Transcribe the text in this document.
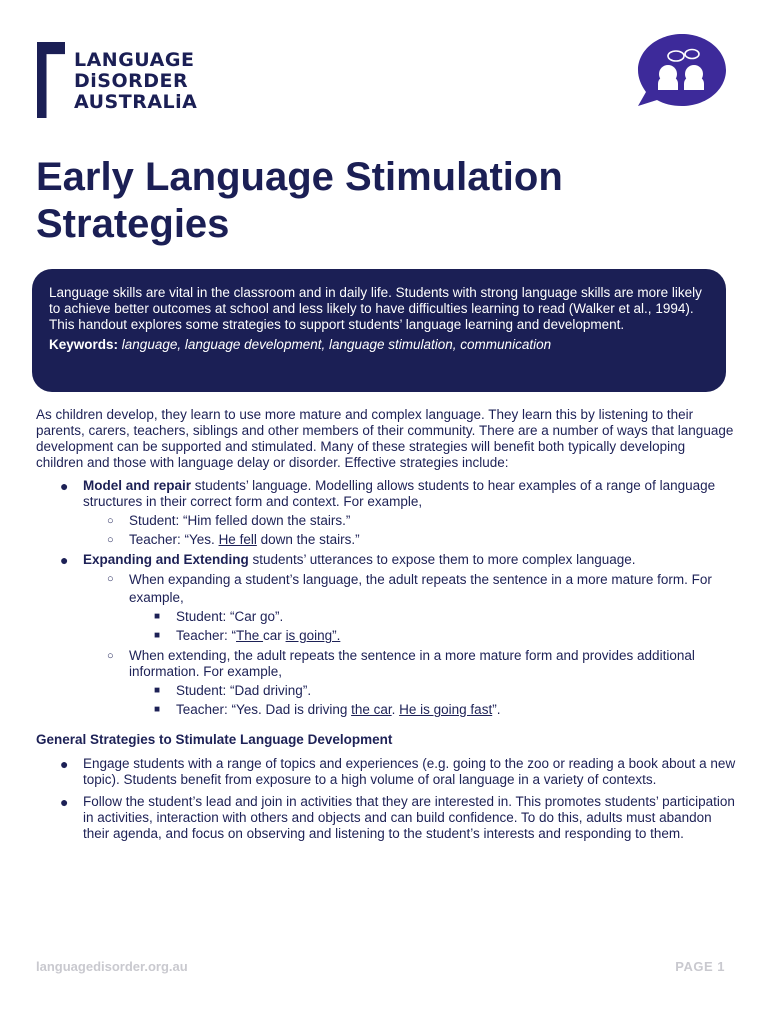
LANGUAGE
DiSORDER
AUSTRALiA
Early Language Stimulation Strategies

Language skills are vital in the classroom and in daily life. Students with strong language skills are more likely to achieve better outcomes at school and less likely to have difficulties learning to read (Walker et al., 1994). This handout explores some strategies to support students’ language learning and development.

Keywords: language, language development, language stimulation, communication

As children develop, they learn to use more mature and complex language. They learn this by listening to their parents, carers, teachers, siblings and other members of their community. There are a number of ways that language development can be supported and stimulated. Many of these strategies will benefit both typically developing children and those with language delay or disorder. Effective strategies include:

● Model and repair students’ language. Modelling allows students to hear examples of a range of language structures in their correct form and context. For example,
○ Student: “Him felled down the stairs.”
○ Teacher: “Yes. He fell down the stairs.”
● Expanding and Extending students’ utterances to expose them to more complex language.
○ When expanding a student’s language, the adult repeats the sentence in a more mature form. For example,
■ Student: “Car go”.
■ Teacher: “The car is going”.
○ When extending, the adult repeats the sentence in a more mature form and provides additional information. For example,
■ Student: “Dad driving”.
■ Teacher: “Yes. Dad is driving the car. He is going fast”.

General Strategies to Stimulate Language Development

● Engage students with a range of topics and experiences (e.g. going to the zoo or reading a book about a new topic). Students benefit from exposure to a high volume of oral language in a variety of contexts.
● Follow the student’s lead and join in activities that they are interested in. This promotes students’ participation in activities, interaction with others and objects and can build confidence. To do this, adults must abandon their agenda, and focus on observing and listening to the student’s interests and responding to them.
languagedisorder.org.au	PAGE 1
